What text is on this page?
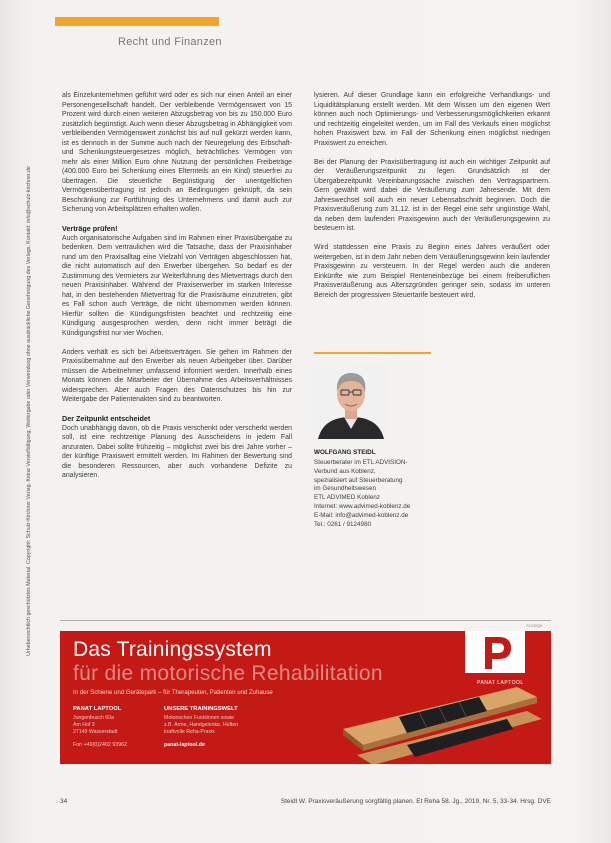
Recht und Finanzen
Urheberrechtlich geschütztes Material. Copyright: Schulz-Kirchner Verlag. Keine Vervielfältigung, Weitergabe oder Verwendung ohne ausdrückliche Genehmigung des Verlags. Kontakt: info@schulz-kirchner.de

als Einzelunternehmen geführt wird oder es sich nur einen Anteil an einer Personengesellschaft handelt. Der verbleibende Vermögenswert von 15 Prozent wird durch einen weiteren Abzugsbetrag von bis zu 150.000 Euro zusätzlich begünstigt. Auch wenn dieser Abzugsbetrag in Abhängigkeit vom verbleibenden Vermögenswert zunächst bis auf null gekürzt werden kann, ist es dennoch in der Summe auch nach der Neuregelung des Erbschaft- und Schenkungsteuergesetzes möglich, beträchtliches Vermögen von mehr als einer Million Euro ohne Nutzung der persönlichen Freibeträge (400.000 Euro bei Schenkung eines Elternteils an ein Kind) steuerfrei zu übertragen. Die steuerliche Begünstigung der unentgeltlichen Vermögensübertragung ist jedoch an Bedingungen geknüpft, da sein Beschränkung zur Fortführung des Unternehmens und damit auch zur Sicherung von Arbeitsplätzen erhalten wollen.

Verträge prüfen!

Auch organisatorische Aufgaben sind im Rahmen einer Praxisübergabe zu bedenken. Dem vertraulichen wird die Tatsache, dass der Praxisinhaber rund um den Praxisalltag eine Vielzahl von Verträgen abgeschlossen hat, die nicht automatisch auf den Erwerber übergehen. So bedarf es der Zustimmung des Vermieters zur Weiterführung des Mietvertrags durch den neuen Praxisinhaber. Während der Praxiserwerber im starken Interesse hat, in den bestehenden Mietvertrag für die Praxisräume einzutreten, gibt es Fall schon auch Verträge, die nicht übernommen werden können. Hierfür sollten die Kündigungsfristen beachtet und rechtzeitig eine Kündigung ausgesprochen werden, denn nicht immer beträgt die Kündigungsfrist nur vier Wochen.

Anders verhält es sich bei Arbeitsverträgen. Sie gehen im Rahmen der Praxisübernahme auf den Erwerber als neuen Arbeitgeber über. Darüber müssen die Arbeitnehmer umfassend informiert werden. Innerhalb eines Monats können die Mitarbeiter der Übernahme des Arbeitsverhältnisses widersprechen. Aber auch Fragen des Datenschutzes bis hin zur Weitergabe der Patientenakten sind zu beantworten.

Der Zeitpunkt entscheidet

Doch unabhängig davon, ob die Praxis verschenkt oder verscherkt werden soll, ist eine rechtzeitige Planung des Ausscheidens in jedem Fall anzuraten. Dabei sollte frühzeitig – möglichst zwei bis drei Jahre vorher – der künftige Praxiswert ermittelt werden. Im Rahmen der Bewertung sind die besonderen Ressourcen, aber auch vorhandene Defizite zu analysieren.

lysieren. Auf dieser Grundlage kann ein erfolgreiche Verhandlungs- und Liquiditätsplanung erstellt werden. Mit dem Wissen um den eigenen Wert können auch noch Optimierungs- und Verbesserungsmöglichkeiten erkannt und rechtzeitig eingeleitet werden, um im Fall des Verkaufs einen möglichst hohen Praxiswert bzw. im Fall der Schenkung einen möglichst niedrigen Praxiswert zu erreichen.

Bei der Planung der Praxisübertragung ist auch ein wichtiger Zeitpunkt auf der Veräußerungszeitpunkt zu legen. Grundsätzlich ist der Übergabezeitpunkt Vereinbarungssache zwischen den Vertragspartnern. Gern gewählt wird dabei die Veräußerung zum Jahresende. Mit dem Jahreswechsel soll auch ein neuer Lebensabschnitt beginnen. Doch die Praxisveräußerung zum 31.12. ist in der Regel eine sehr ungünstige Wahl, da neben dem laufenden Praxisgewinn auch der Veräußerungsgewinn zu besteuern ist.

Wird stattdessen eine Praxis zu Beginn eines Jahres veräußert oder weitergeben, ist in dem Jahr neben dem Veräußerungsgewinn kein laufender Praxisgewinn zu versteuern. In der Regel werden auch die anderen Einkünfte wie zum Beispiel Renteneinbezüge bei einem freiberuflichen Praxisveräußerung aus Alterszgründen geringer sein, sodass im unteren Bereich der progressiven Steuertarife besteuert wird.

WOLFGANG STEIDL
Steuerberater im ETL ADVISION-
Verbund aus Koblenz,
spezialisiert auf Steuerberatung
im Gesundheitswesen
ETL ADVIMED Koblenz
Internet: www.advimed-koblenz.de
E-Mail: info@advimed-koblenz.de
Tel.: 0261 / 9124980
Anzeige
Das Trainingssystem
für die motorische Rehabilitation
In der Schiene und Gerätepark – für Therapeuten, Patienten und Zuhause
PANAT LAPTOOL
PANAT LAPTOOL
Jungenbusch 60a
Am Hof 3
27149 Wasserstadt
UNSERE TRAININGSWELT
Motorischen Funktionen sowie
z.B. Arme, Handgelenke, Hüften
kraftvolle Reha-Praxis
Fon +49(0)2402 93962	panat-laptool.de
34	Steidl W. Praxisveräußerung sorgfältig planen. Et Reha 58. Jg., 2019, Nr. 5, 33-34. Hrsg. DVE
